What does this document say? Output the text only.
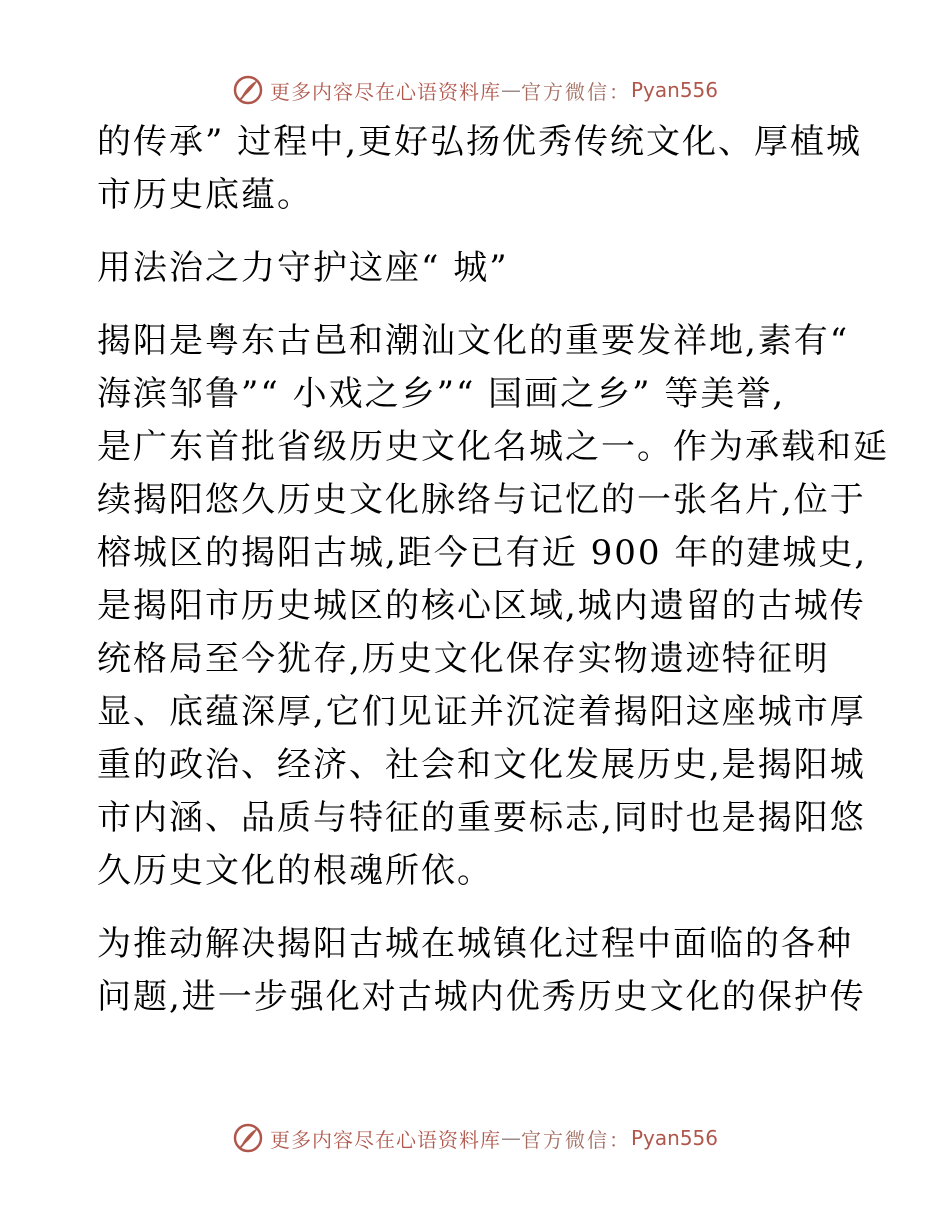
更多内容尽在心语资料库 — 官方微信： Pyan556

的传承” 过程中,更好弘扬优秀传统文化、厚植城
市历史底蕴。

用法治之力守护这座“ 城”

揭阳是粤东古邑和潮汕文化的重要发祥地,素有“
海滨邹鲁”“ 小戏之乡”“ 国画之乡” 等美誉,
是广东首批省级历史文化名城之一。作为承载和延
续揭阳悠久历史文化脉络与记忆的一张名片,位于
榕城区的揭阳古城,距今已有近 900 年的建城史,
是揭阳市历史城区的核心区域,城内遗留的古城传
统格局至今犹存,历史文化保存实物遗迹特征明
显、底蕴深厚,它们见证并沉淀着揭阳这座城市厚
重的政治、经济、社会和文化发展历史,是揭阳城
市内涵、品质与特征的重要标志,同时也是揭阳悠
久历史文化的根魂所依。

为推动解决揭阳古城在城镇化过程中面临的各种
问题,进一步强化对古城内优秀历史文化的保护传

更多内容尽在心语资料库 — 官方微信： Pyan556
